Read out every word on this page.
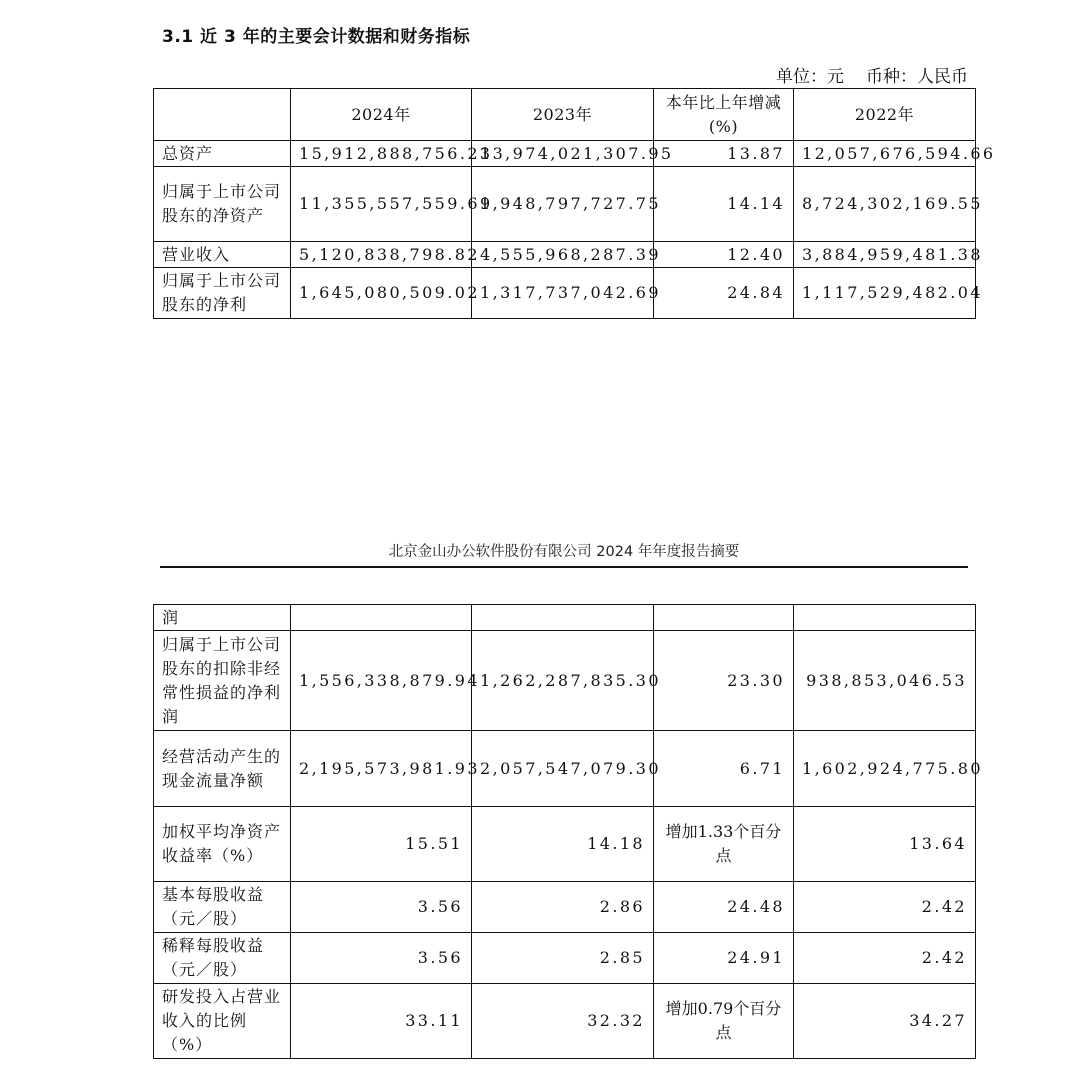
3.1 近 3 年的主要会计数据和财务指标
单位：元 币种：人民币
	2024年	2023年	本年比上年增减(%)	2022年
总资产	15,912,888,756.23	13,974,021,307.95	13.87	12,057,676,594.66
归属于上市公司股东的净资产	11,355,557,559.61	9,948,797,727.75	14.14	8,724,302,169.55
营业收入	5,120,838,798.82	4,555,968,287.39	12.40	3,884,959,481.38
归属于上市公司股东的净利	1,645,080,509.02	1,317,737,042.69	24.84	1,117,529,482.04
北京金山办公软件股份有限公司 2024 年年度报告摘要
润				
归属于上市公司股东的扣除非经常性损益的净利润	1,556,338,879.94	1,262,287,835.30	23.30	938,853,046.53
经营活动产生的现金流量净额	2,195,573,981.93	2,057,547,079.30	6.71	1,602,924,775.80
加权平均净资产收益率（%）	15.51	14.18	增加1.33个百分点	13.64
基本每股收益（元／股）	3.56	2.86	24.48	2.42
稀释每股收益（元／股）	3.56	2.85	24.91	2.42
研发投入占营业收入的比例（%）	33.11	32.32	增加0.79个百分点	34.27
